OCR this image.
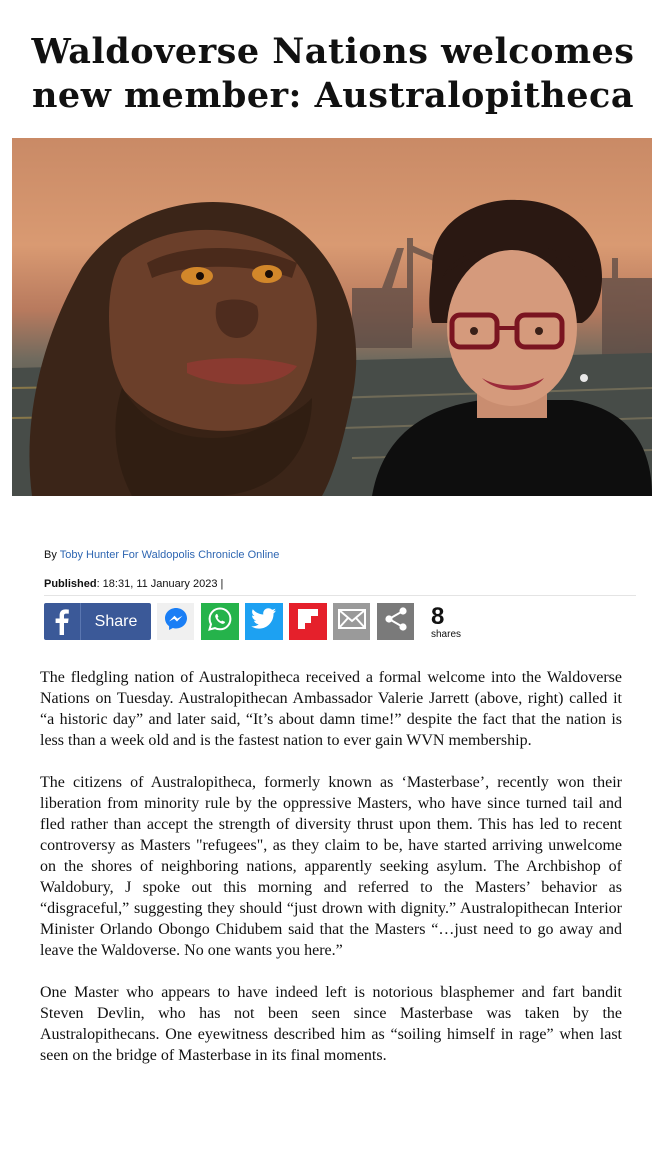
Waldoverse Nations welcomes new member: Australopitheca
By Toby Hunter For Waldopolis Chronicle Online
Published: 18:31, 11 January 2023 |
Share	8
shares

The fledgling nation of Australopitheca received a formal welcome into the Waldoverse Nations on Tuesday. Australopithecan Ambassador Valerie Jarrett (above, right) called it “a historic day” and later said, “It’s about damn time!” despite the fact that the nation is less than a week old and is the fastest nation to ever gain WVN membership.

The citizens of Australopitheca, formerly known as ‘Masterbase’, recently won their liberation from minority rule by the oppressive Masters, who have since turned tail and fled rather than accept the strength of diversity thrust upon them. This has led to recent controversy as Masters "refugees", as they claim to be, have started arriving unwelcome on the shores of neighboring nations, apparently seeking asylum. The Archbishop of Waldobury, J spoke out this morning and referred to the Masters’ behavior as “disgraceful,” suggesting they should “just drown with dignity.” Australopithecan Interior Minister Orlando Obongo Chidubem said that the Masters “…just need to go away and leave the Waldoverse. No one wants you here.”

One Master who appears to have indeed left is notorious blasphemer and fart bandit Steven Devlin, who has not been seen since Masterbase was taken by the Australopithecans. One eyewitness described him as “soiling himself in rage” when last seen on the bridge of Masterbase in its final moments.
